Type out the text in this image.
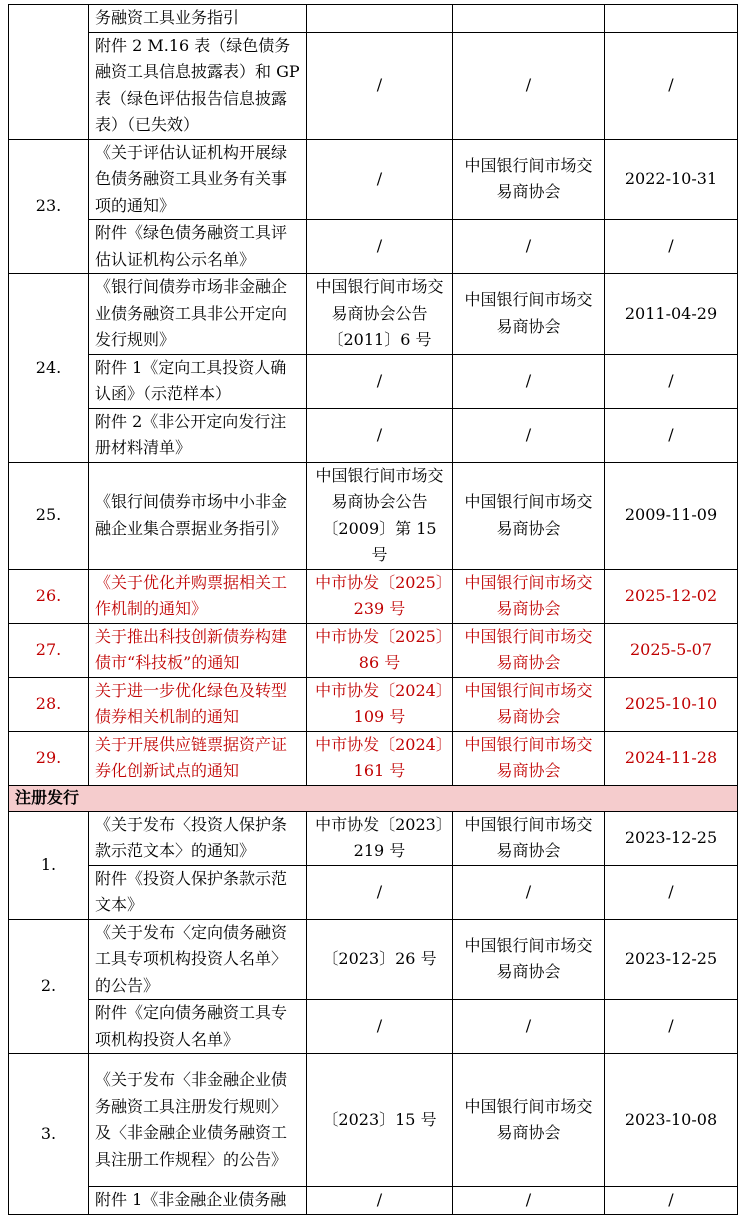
	务融资工具业务指引			
	附件 2 M.16 表（绿色债务融资工具信息披露表）和 GP 表（绿色评估报告信息披露表）（已失效）	/	/	/
23.	《关于评估认证机构开展绿色债务融资工具业务有关事项的通知》	/	中国银行间市场交易商协会	2022-10-31
	附件《绿色债务融资工具评估认证机构公示名单》	/	/	/
24.	《银行间债券市场非金融企业债务融资工具非公开定向发行规则》	中国银行间市场交易商协会公告〔2011〕6 号	中国银行间市场交易商协会	2011-04-29
	附件 1《定向工具投资人确认函》（示范样本）	/	/	/
	附件 2《非公开定向发行注册材料清单》	/	/	/
25.	《银行间债券市场中小非金融企业集合票据业务指引》	中国银行间市场交易商协会公告〔2009〕第 15 号	中国银行间市场交易商协会	2009-11-09
26.	《关于优化并购票据相关工作机制的通知》	中市协发〔2025〕239 号	中国银行间市场交易商协会	2025-12-02
27.	关于推出科技创新债券构建债市“科技板”的通知	中市协发〔2025〕86 号	中国银行间市场交易商协会	2025-5-07
28.	关于进一步优化绿色及转型债券相关机制的通知	中市协发〔2024〕109 号	中国银行间市场交易商协会	2025-10-10
29.	关于开展供应链票据资产证券化创新试点的通知	中市协发〔2024〕161 号	中国银行间市场交易商协会	2024-11-28
注册发行				
1.	《关于发布〈投资人保护条款示范文本〉的通知》	中市协发〔2023〕219 号	中国银行间市场交易商协会	2023-12-25
	附件《投资人保护条款示范文本》	/	/	/
2.	《关于发布〈定向债务融资工具专项机构投资人名单〉的公告》	〔2023〕26 号	中国银行间市场交易商协会	2023-12-25
	附件《定向债务融资工具专项机构投资人名单》	/	/	/
3.	《关于发布〈非金融企业债务融资工具注册发行规则〉及〈非金融企业债务融资工具注册工作规程〉的公告》	〔2023〕15 号	中国银行间市场交易商协会	2023-10-08
	附件 1《非金融企业债务融	/	/	/
